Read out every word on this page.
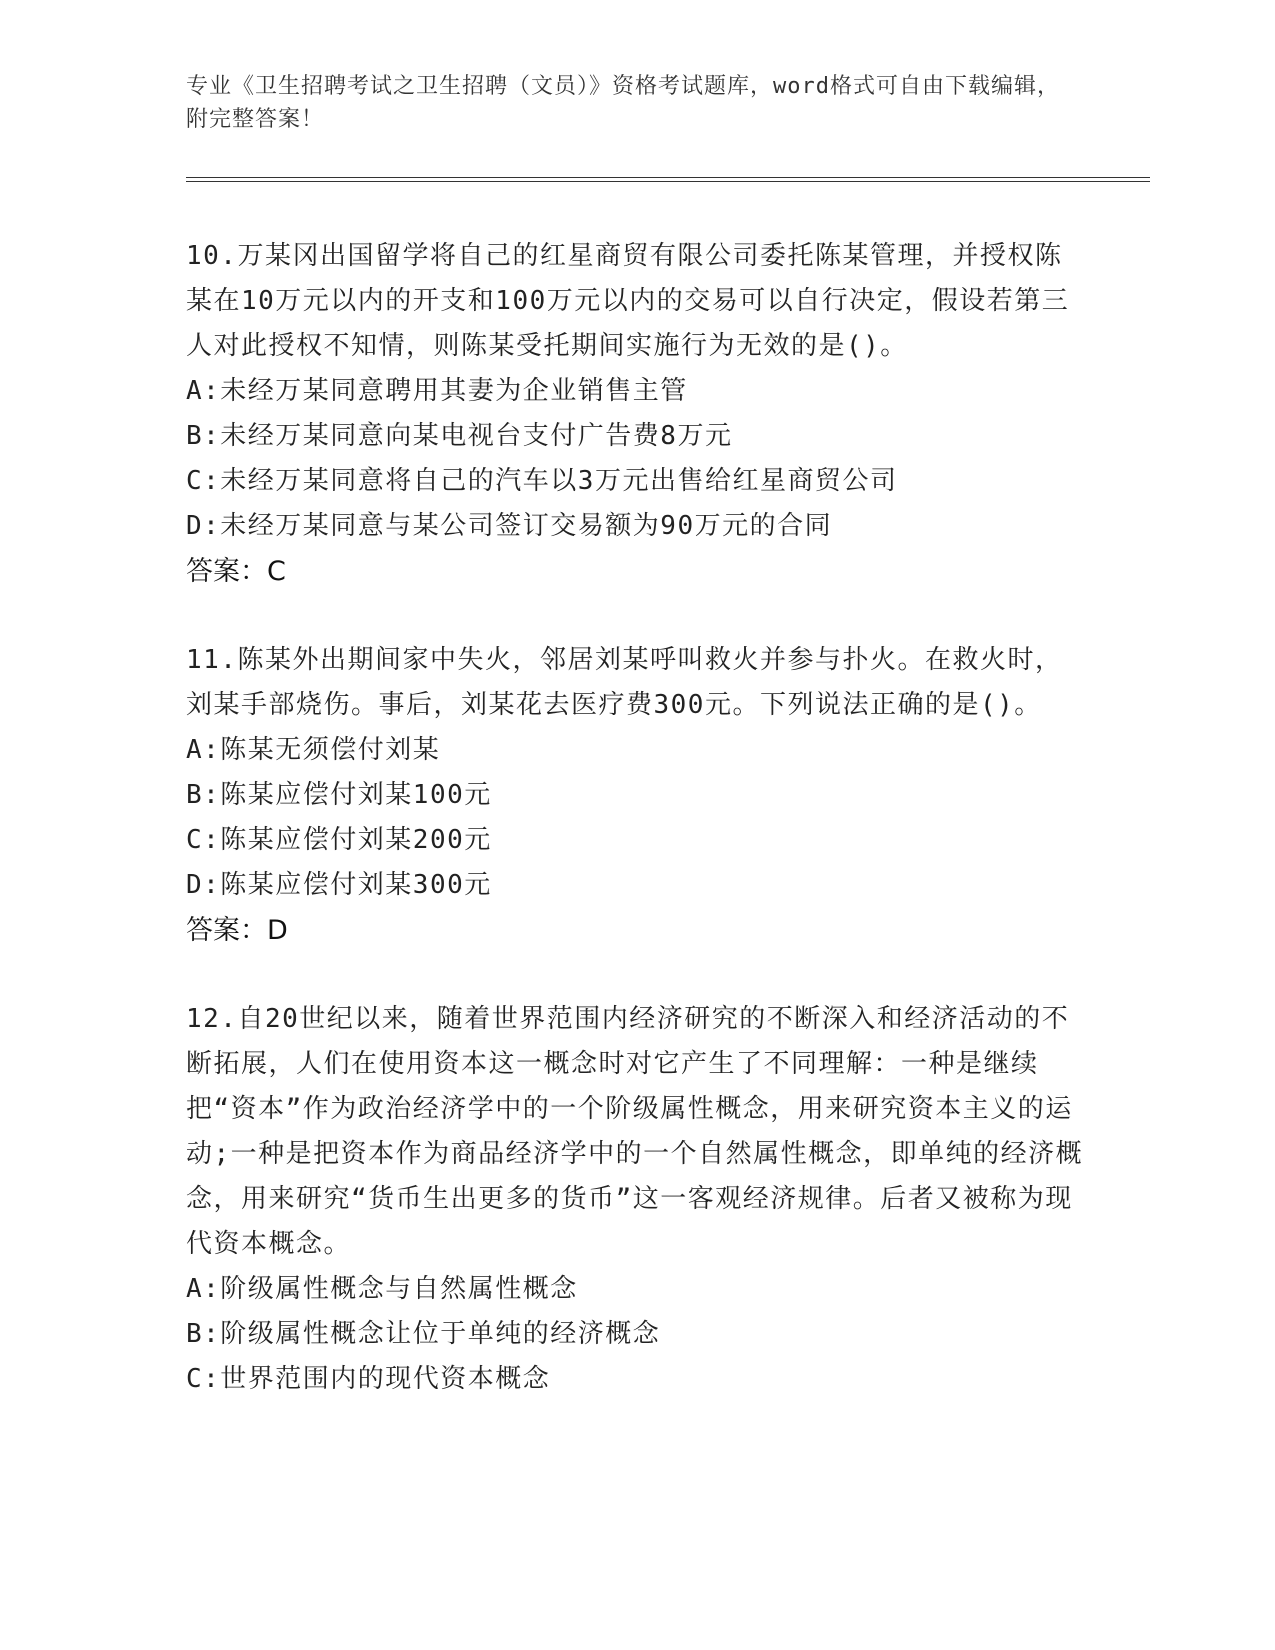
专业《卫生招聘考试之卫生招聘（文员）》资格考试题库，word格式可自由下载编辑，附完整答案！
10.万某冈出国留学将自己的红星商贸有限公司委托陈某管理，并授权陈某在10万元以内的开支和100万元以内的交易可以自行决定，假设若第三人对此授权不知情，则陈某受托期间实施行为无效的是()。
A:未经万某同意聘用其妻为企业销售主管
B:未经万某同意向某电视台支付广告费8万元
C:未经万某同意将自己的汽车以3万元出售给红星商贸公司
D:未经万某同意与某公司签订交易额为90万元的合同
答案：C
11.陈某外出期间家中失火，邻居刘某呼叫救火并参与扑火。在救火时，刘某手部烧伤。事后，刘某花去医疗费300元。下列说法正确的是()。
A:陈某无须偿付刘某
B:陈某应偿付刘某100元
C:陈某应偿付刘某200元
D:陈某应偿付刘某300元
答案：D
12.自20世纪以来，随着世界范围内经济研究的不断深入和经济活动的不断拓展，人们在使用资本这一概念时对它产生了不同理解：一种是继续把“资本”作为政治经济学中的一个阶级属性概念，用来研究资本主义的运动;一种是把资本作为商品经济学中的一个自然属性概念，即单纯的经济概念，用来研究“货币生出更多的货币”这一客观经济规律。后者又被称为现代资本概念。
A:阶级属性概念与自然属性概念
B:阶级属性概念让位于单纯的经济概念
C:世界范围内的现代资本概念
